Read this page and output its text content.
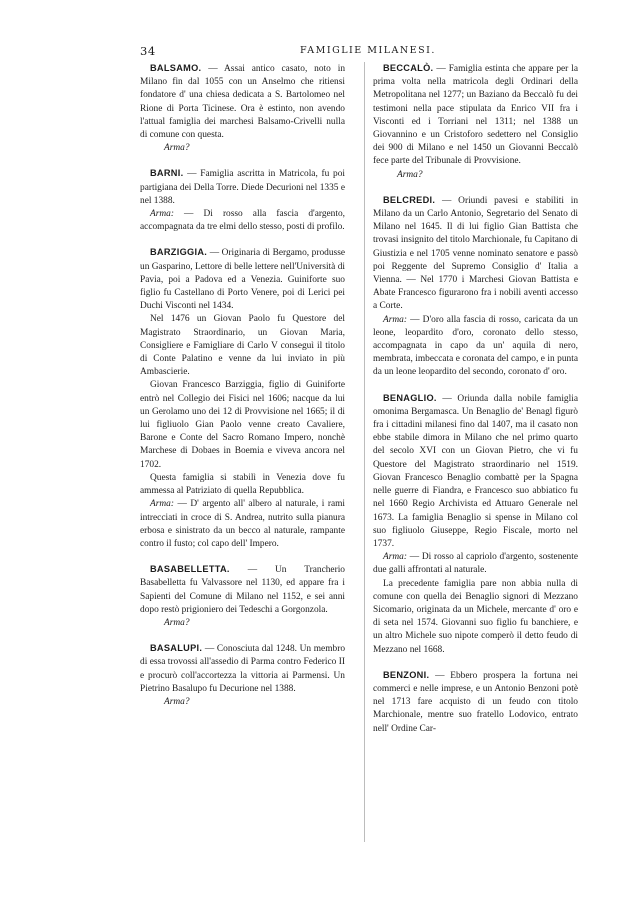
34	FAMIGLIE MILANESI.

BALSAMO. — Assai antico casato, noto in Milano fin dal 1055 con un Anselmo che ritiensi fondatore d' una chiesa dedicata a S. Bartolomeo nel Rione di Porta Ticinese. Ora è estinto, non avendo l'attual famiglia dei marchesi Balsamo-Crivelli nulla di comune con questa.

Arma?

BARNI. — Famiglia ascritta in Matricola, fu poi partigiana dei Della Torre. Diede Decurioni nel 1335 e nel 1388.

Arma: — Di rosso alla fascia d'argento, accompagnata da tre elmi dello stesso, posti di profilo.

BARZIGGIA. — Originaria di Bergamo, produsse un Gasparino, Lettore di belle lettere nell'Università di Pavia, poi a Padova ed a Venezia. Guiniforte suo figlio fu Castellano di Porto Venere, poi di Lerici pei Duchi Visconti nel 1434.

Nel 1476 un Giovan Paolo fu Questore del Magistrato Straordinario, un Giovan Maria, Consigliere e Famigliare di Carlo V conseguì il titolo di Conte Palatino e venne da lui inviato in più Ambascierie.

Giovan Francesco Barziggia, figlio di Guiniforte entrò nel Collegio dei Fisici nel 1606; nacque da lui un Gerolamo uno dei 12 di Provvisione nel 1665; il di lui figliuolo Gian Paolo venne creato Cavaliere, Barone e Conte del Sacro Romano Impero, nonchè Marchese di Dobaes in Boemia e viveva ancora nel 1702.

Questa famiglia si stabilì in Venezia dove fu ammessa al Patriziato di quella Repubblica.

Arma: — D' argento all' albero al naturale, i rami intrecciati in croce di S. Andrea, nutrito sulla pianura erbosa e sinistrato da un becco al naturale, rampante contro il fusto; col capo dell' Impero.

BASABELLETTA. — Un Trancherio Basabelletta fu Valvassore nel 1130, ed appare fra i Sapienti del Comune di Milano nel 1152, e sei anni dopo restò prigioniero dei Tedeschi a Gorgonzola.

Arma?

BASALUPI. — Conosciuta dal 1248. Un membro di essa trovossi all'assedio di Parma contro Federico II e procurò coll'accortezza la vittoria ai Parmensi. Un Pietrino Basalupo fu Decurione nel 1388.

Arma?

BECCALÒ. — Famiglia estinta che appare per la prima volta nella matricola degli Ordinari della Metropolitana nel 1277; un Baziano da Beccalò fu dei testimoni nella pace stipulata da Enrico VII fra i Visconti ed i Torriani nel 1311; nel 1388 un Giovannino e un Cristoforo sedettero nel Consiglio dei 900 di Milano e nel 1450 un Giovanni Beccalò fece parte del Tribunale di Provvisione.

Arma?

BELCREDI. — Oriundi pavesi e stabiliti in Milano da un Carlo Antonio, Segretario del Senato di Milano nel 1645. Il di lui figlio Gian Battista che trovasi insignito del titolo Marchionale, fu Capitano di Giustizia e nel 1705 venne nominato senatore e passò poi Reggente del Supremo Consiglio d' Italia a Vienna. — Nel 1770 i Marchesi Giovan Battista e Abate Francesco figurarono fra i nobili aventi accesso a Corte.

Arma: — D'oro alla fascia di rosso, caricata da un leone, leopardito d'oro, coronato dello stesso, accompagnata in capo da un' aquila di nero, membrata, imbeccata e coronata del campo, e in punta da un leone leopardito del secondo, coronato d' oro.

BENAGLIO. — Oriunda dalla nobile famiglia omonima Bergamasca. Un Benaglio de' Benagl figurò fra i cittadini milanesi fino dal 1407, ma il casato non ebbe stabile dimora in Milano che nel primo quarto del secolo XVI con un Giovan Pietro, che vi fu Questore del Magistrato straordinario nel 1519. Giovan Francesco Benaglio combattè per la Spagna nelle guerre di Fiandra, e Francesco suo abbiatico fu nel 1660 Regio Archivista ed Attuaro Generale nel 1673. La famiglia Benaglio si spense in Milano col suo figliuolo Giuseppe, Regio Fiscale, morto nel 1737.

Arma: — Di rosso al capriolo d'argento, sostenente due galli affrontati al naturale.

La precedente famiglia pare non abbia nulla di comune con quella dei Benaglio signori di Mezzano Sicomario, originata da un Michele, mercante d' oro e di seta nel 1574. Giovanni suo figlio fu banchiere, e un altro Michele suo nipote comperò il detto feudo di Mezzano nel 1668.

BENZONI. — Ebbero prospera la fortuna nei commerci e nelle imprese, e un Antonio Benzoni potè nel 1713 fare acquisto di un feudo con titolo Marchionale, mentre suo fratello Lodovico, entrato nell' Ordine Car-
